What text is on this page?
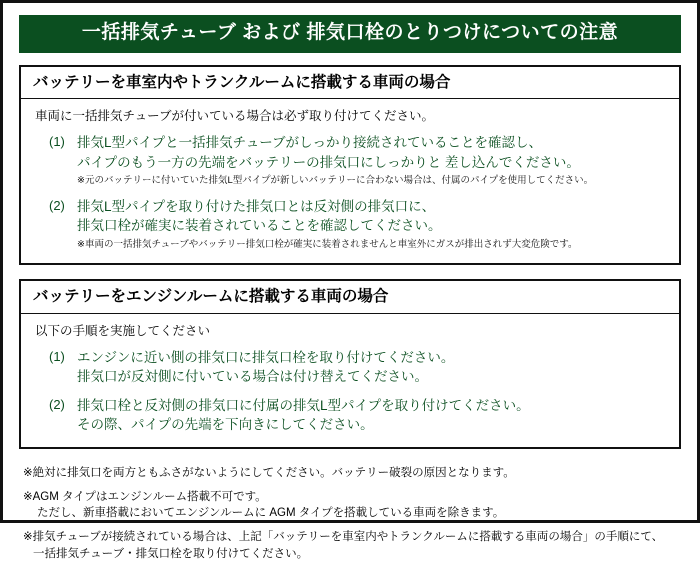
一括排気チューブ および 排気口栓のとりつけについての注意
バッテリーを車室内やトランクルームに搭載する車両の場合

車両に一括排気チューブが付いている場合は必ず取り付けてください。

(1) 排気L型パイプと一括排気チューブがしっかり接続されていることを確認し、
パイプのもう一方の先端をバッテリーの排気口にしっかりと 差し込んでください。
※元のバッテリーに付いていた排気L型パイプが新しいバッテリーに合わない場合は、付属のパイプを使用してください。
(2) 排気L型パイプを取り付けた排気口とは反対側の排気口に、
排気口栓が確実に装着されていることを確認してください。
※車両の一括排気チューブやバッテリー排気口栓が確実に装着されませんと車室外にガスが排出されず大変危険です。
バッテリーをエンジンルームに搭載する車両の場合

以下の手順を実施してください

(1) エンジンに近い側の排気口に排気口栓を取り付けてください。
排気口が反対側に付いている場合は付け替えてください。
(2) 排気口栓と反対側の排気口に付属の排気L型パイプを取り付けてください。
その際、パイプの先端を下向きにしてください。

※絶対に排気口を両方ともふさがないようにしてください。バッテリー破裂の原因となります。

※AGM タイプはエンジンルーム搭載不可です。
ただし、新車搭載においてエンジンルームに AGM タイプを搭載している車両を除きます。

※排気チューブが接続されている場合は、上記「バッテリーを車室内やトランクルームに搭載する車両の場合」の手順にて、
一括排気チューブ・排気口栓を取り付けてください。
